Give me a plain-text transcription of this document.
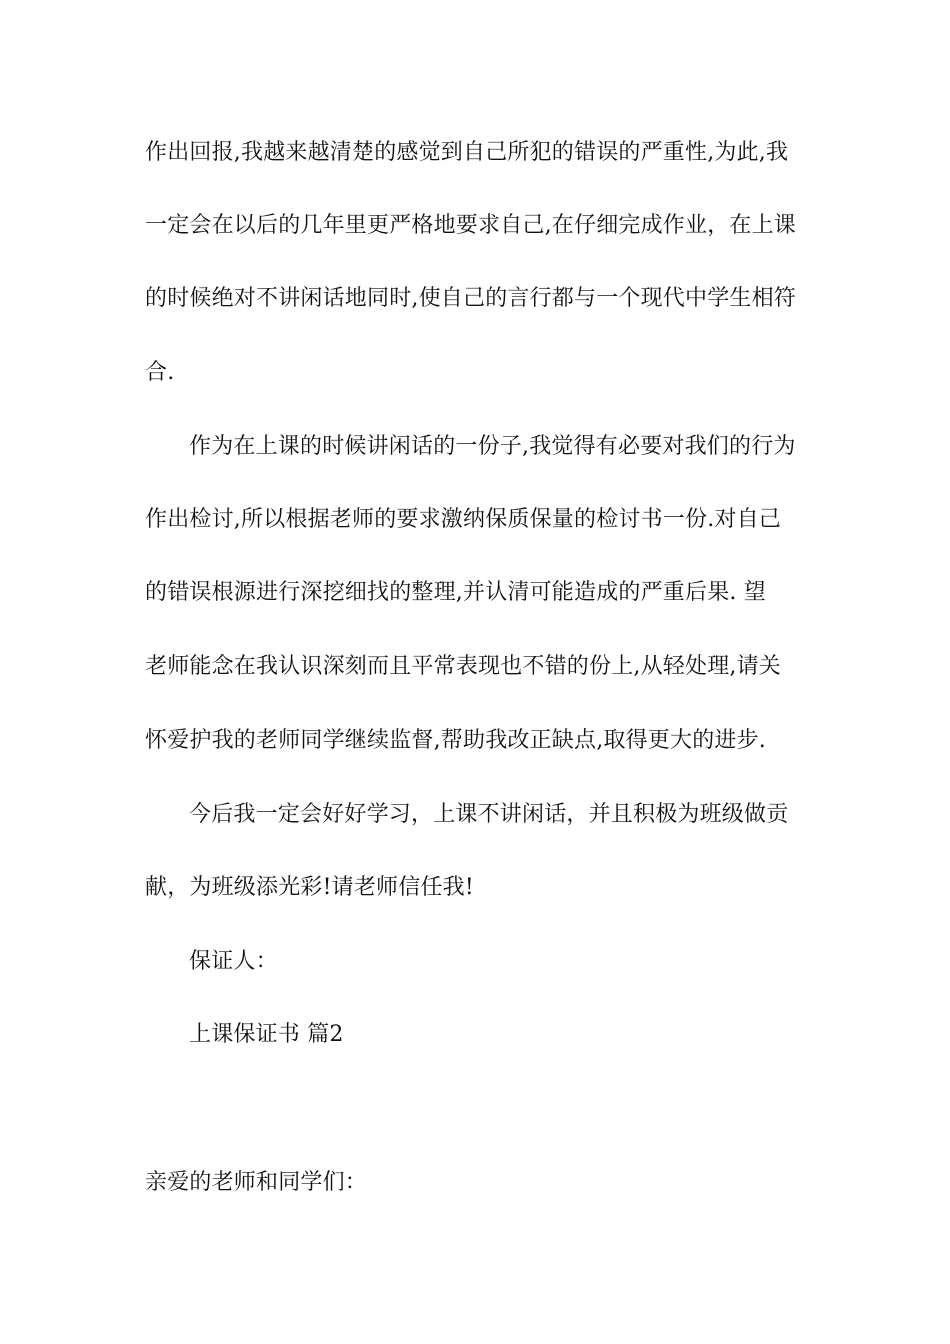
作出回报,我越来越清楚的感觉到自己所犯的错误的严重性,为此,我
一定会在以后的几年里更严格地要求自己,在仔细完成作业，在上课
的时候绝对不讲闲话地同时,使自己的言行都与一个现代中学生相符
合.
作为在上课的时候讲闲话的一份子,我觉得有必要对我们的行为
作出检讨,所以根据老师的要求激纳保质保量的检讨书一份.对自己
的错误根源进行深挖细找的整理,并认清可能造成的严重后果. 望
老师能念在我认识深刻而且平常表现也不错的份上,从轻处理,请关
怀爱护我的老师同学继续监督,帮助我改正缺点,取得更大的进步.
今后我一定会好好学习，上课不讲闲话，并且积极为班级做贡
献，为班级添光彩!请老师信任我!
保证人：
上课保证书 篇2
亲爱的老师和同学们：
